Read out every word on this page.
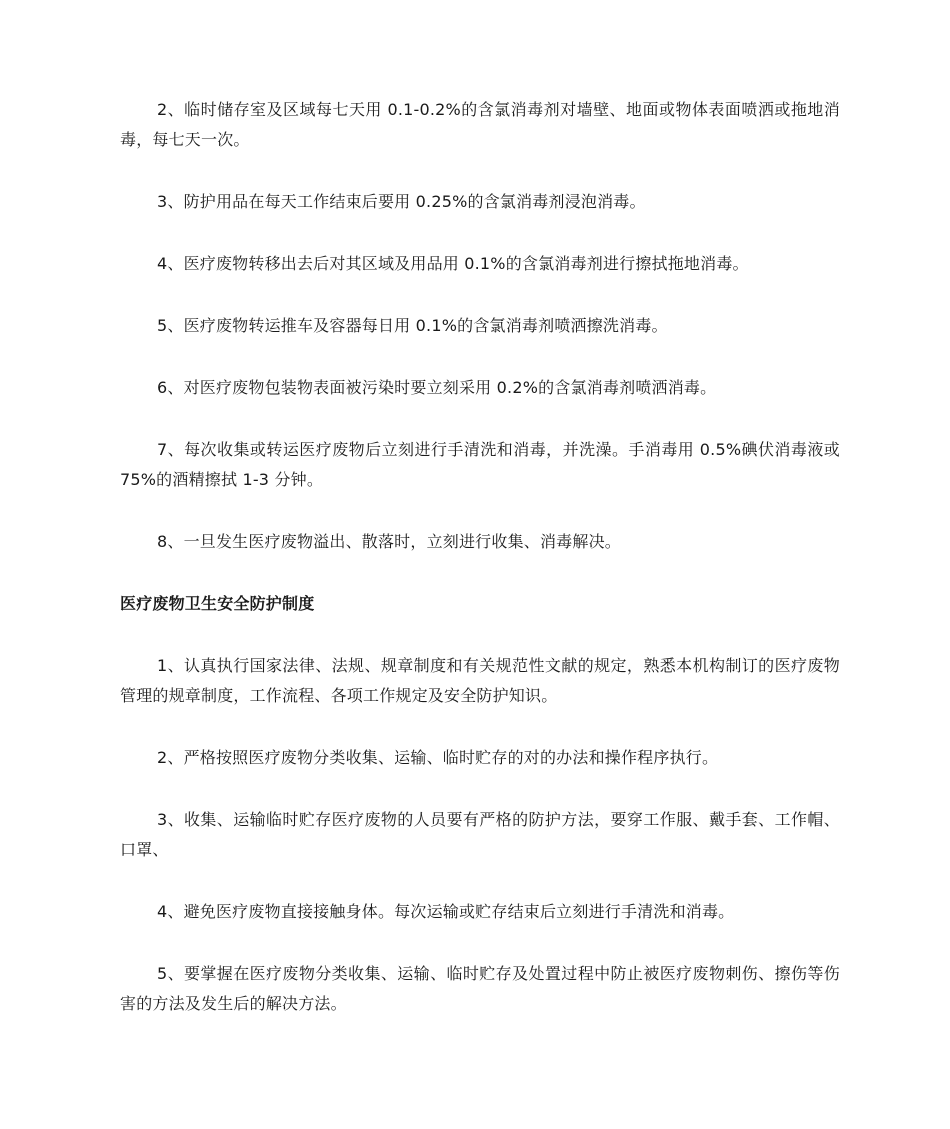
2、临时储存室及区域每七天用 0.1-0.2%的含氯消毒剂对墙壁、地面或物体表面喷洒或拖地消毒，每七天一次。

3、防护用品在每天工作结束后要用 0.25%的含氯消毒剂浸泡消毒。

4、医疗废物转移出去后对其区域及用品用 0.1%的含氯消毒剂进行擦拭拖地消毒。

5、医疗废物转运推车及容器每日用 0.1%的含氯消毒剂喷洒擦洗消毒。

6、对医疗废物包装物表面被污染时要立刻采用 0.2%的含氯消毒剂喷洒消毒。

7、每次收集或转运医疗废物后立刻进行手清洗和消毒，并洗澡。手消毒用 0.5%碘伏消毒液或 75%的酒精擦拭 1-3 分钟。

8、一旦发生医疗废物溢出、散落时，立刻进行收集、消毒解决。

医疗废物卫生安全防护制度

1、认真执行国家法律、法规、规章制度和有关规范性文献的规定，熟悉本机构制订的医疗废物管理的规章制度，工作流程、各项工作规定及安全防护知识。

2、严格按照医疗废物分类收集、运输、临时贮存的对的办法和操作程序执行。

3、收集、运输临时贮存医疗废物的人员要有严格的防护方法，要穿工作服、戴手套、工作帽、口罩、

4、避免医疗废物直接接触身体。每次运输或贮存结束后立刻进行手清洗和消毒。

5、要掌握在医疗废物分类收集、运输、临时贮存及处置过程中防止被医疗废物刺伤、擦伤等伤害的方法及发生后的解决方法。
